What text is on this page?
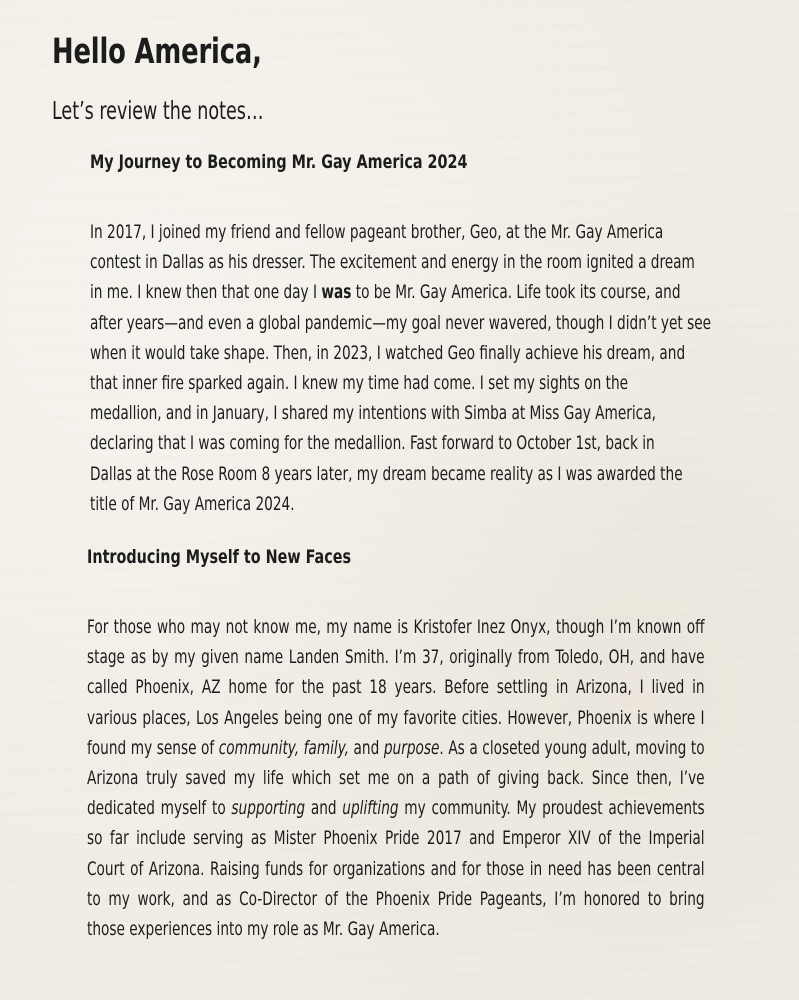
Hello America,
Let’s review the notes…
My Journey to Becoming Mr. Gay America 2024
In 2017, I joined my friend and fellow pageant brother, Geo, at the Mr. Gay America
contest in Dallas as his dresser. The excitement and energy in the room ignited a dream
in me. I knew then that one day I was to be Mr. Gay America. Life took its course, and
after years—and even a global pandemic—my goal never wavered, though I didn’t yet see
when it would take shape. Then, in 2023, I watched Geo finally achieve his dream, and
that inner fire sparked again. I knew my time had come. I set my sights on the
medallion, and in January, I shared my intentions with Simba at Miss Gay America,
declaring that I was coming for the medallion. Fast forward to October 1st, back in
Dallas at the Rose Room 8 years later, my dream became reality as I was awarded the
title of Mr. Gay America 2024.
Introducing Myself to New Faces
For those who may not know me, my name is Kristofer Inez Onyx, though I’m known off
stage as by my given name Landen Smith. I’m 37, originally from Toledo, OH, and have
called Phoenix, AZ home for the past 18 years. Before settling in Arizona, I lived in
various places, Los Angeles being one of my favorite cities. However, Phoenix is where I
found my sense of community, family, and purpose. As a closeted young adult, moving to
Arizona truly saved my life which set me on a path of giving back. Since then, I’ve
dedicated myself to supporting and uplifting my community. My proudest achievements
so far include serving as Mister Phoenix Pride 2017 and Emperor XIV of the Imperial
Court of Arizona. Raising funds for organizations and for those in need has been central
to my work, and as Co-Director of the Phoenix Pride Pageants, I’m honored to bring
those experiences into my role as Mr. Gay America.
